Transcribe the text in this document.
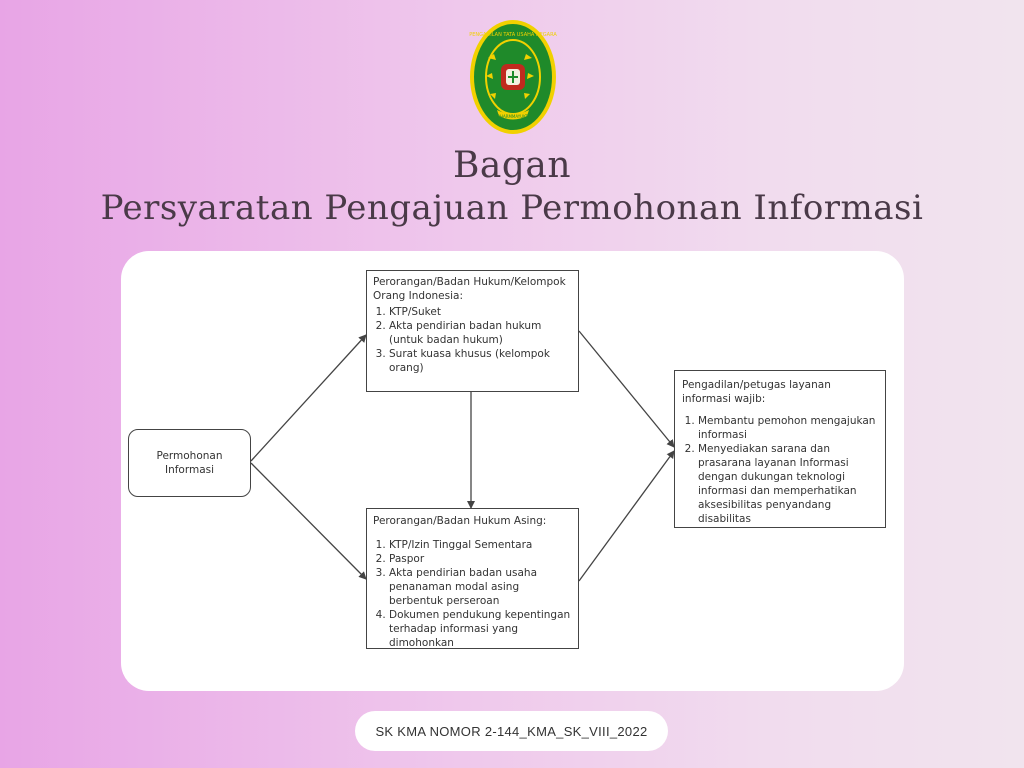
PENGADILAN TATA USAHA NEGARA
DHARMMAYUKTI
Bagan
Persyaratan Pengajuan Permohonan Informasi
Permohonan Informasi
Perorangan/Badan Hukum/Kelompok Orang Indonesia:
1. KTP/Suket
2. Akta pendirian badan hukum (untuk badan hukum)
3. Surat kuasa khusus (kelompok orang)
Perorangan/Badan Hukum Asing:
1. KTP/Izin Tinggal Sementara
2. Paspor
3. Akta pendirian badan usaha penanaman modal asing berbentuk perseroan
4. Dokumen pendukung kepentingan terhadap informasi yang dimohonkan
Pengadilan/petugas layanan informasi wajib:
1. Membantu pemohon mengajukan informasi
2. Menyediakan sarana dan prasarana layanan Informasi dengan dukungan teknologi informasi dan memperhatikan aksesibilitas penyandang disabilitas
SK KMA NOMOR 2-144_KMA_SK_VIII_2022
